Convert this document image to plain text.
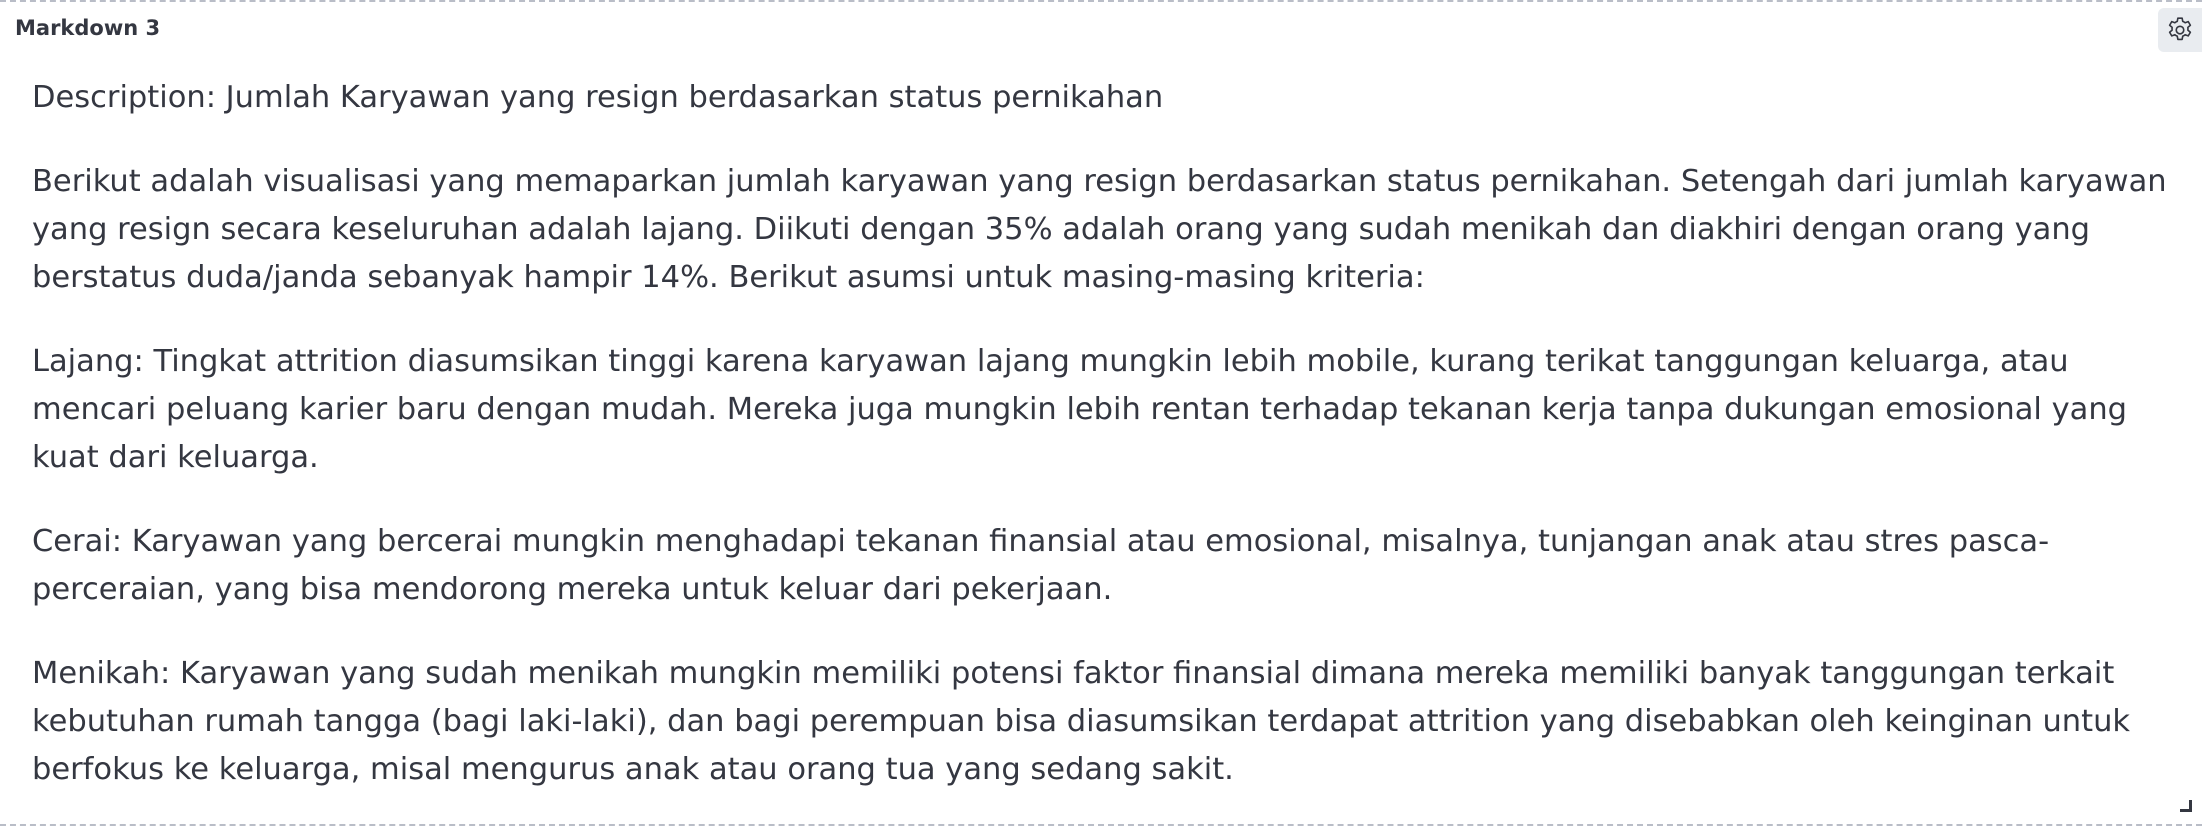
Markdown 3

Description: Jumlah Karyawan yang resign berdasarkan status pernikahan

Berikut adalah visualisasi yang memaparkan jumlah karyawan yang resign berdasarkan status pernikahan. Setengah dari jumlah karyawan yang resign secara keseluruhan adalah lajang. Diikuti dengan 35% adalah orang yang sudah menikah dan diakhiri dengan orang yang berstatus duda/janda sebanyak hampir 14%. Berikut asumsi untuk masing-masing kriteria:

Lajang: Tingkat attrition diasumsikan tinggi karena karyawan lajang mungkin lebih mobile, kurang terikat tanggungan keluarga, atau mencari peluang karier baru dengan mudah. Mereka juga mungkin lebih rentan terhadap tekanan kerja tanpa dukungan emosional yang kuat dari keluarga.

Cerai: Karyawan yang bercerai mungkin menghadapi tekanan finansial atau emosional, misalnya, tunjangan anak atau stres pasca-perceraian, yang bisa mendorong mereka untuk keluar dari pekerjaan.

Menikah: Karyawan yang sudah menikah mungkin memiliki potensi faktor finansial dimana mereka memiliki banyak tanggungan terkait kebutuhan rumah tangga (bagi laki-laki), dan bagi perempuan bisa diasumsikan terdapat attrition yang disebabkan oleh keinginan untuk berfokus ke keluarga, misal mengurus anak atau orang tua yang sedang sakit.
